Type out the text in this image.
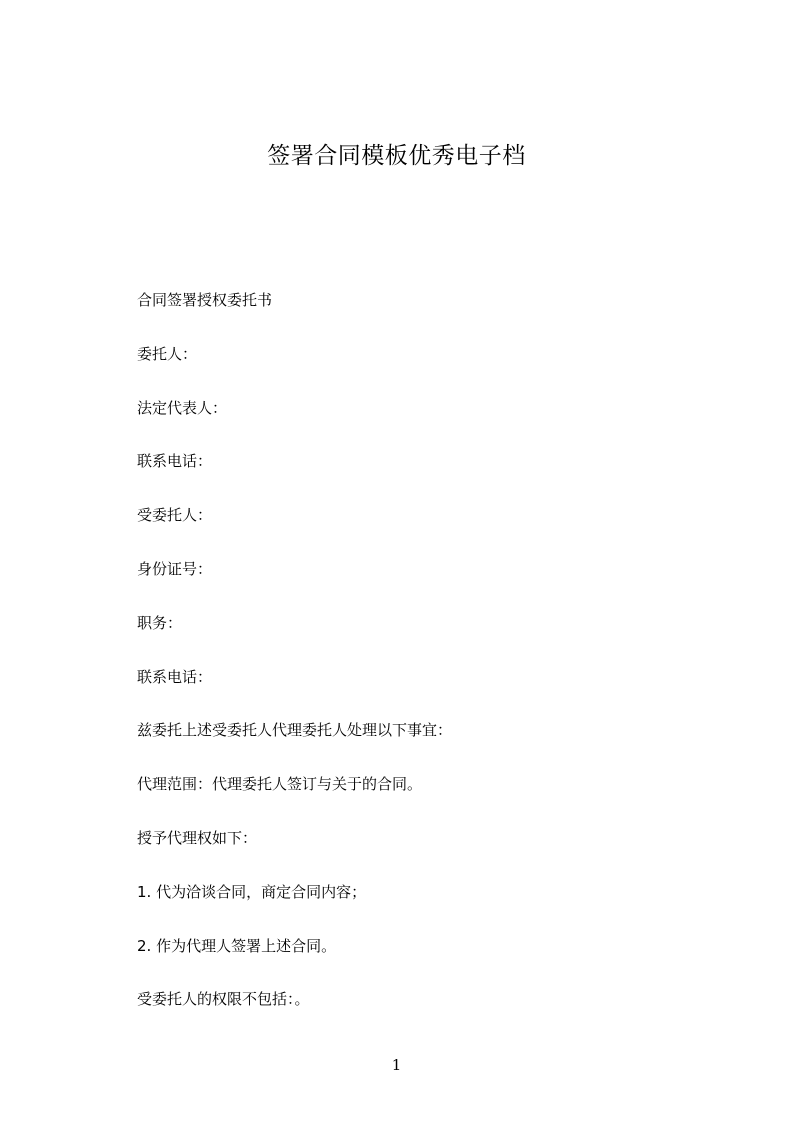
签署合同模板优秀电子档
合同签署授权委托书
委托人：
法定代表人：
联系电话：
受委托人：
身份证号：
职务：
联系电话：
兹委托上述受委托人代理委托人处理以下事宜：
代理范围：代理委托人签订与关于的合同。
授予代理权如下：
1. 代为洽谈合同，商定合同内容；
2. 作为代理人签署上述合同。
受委托人的权限不包括：。
1
